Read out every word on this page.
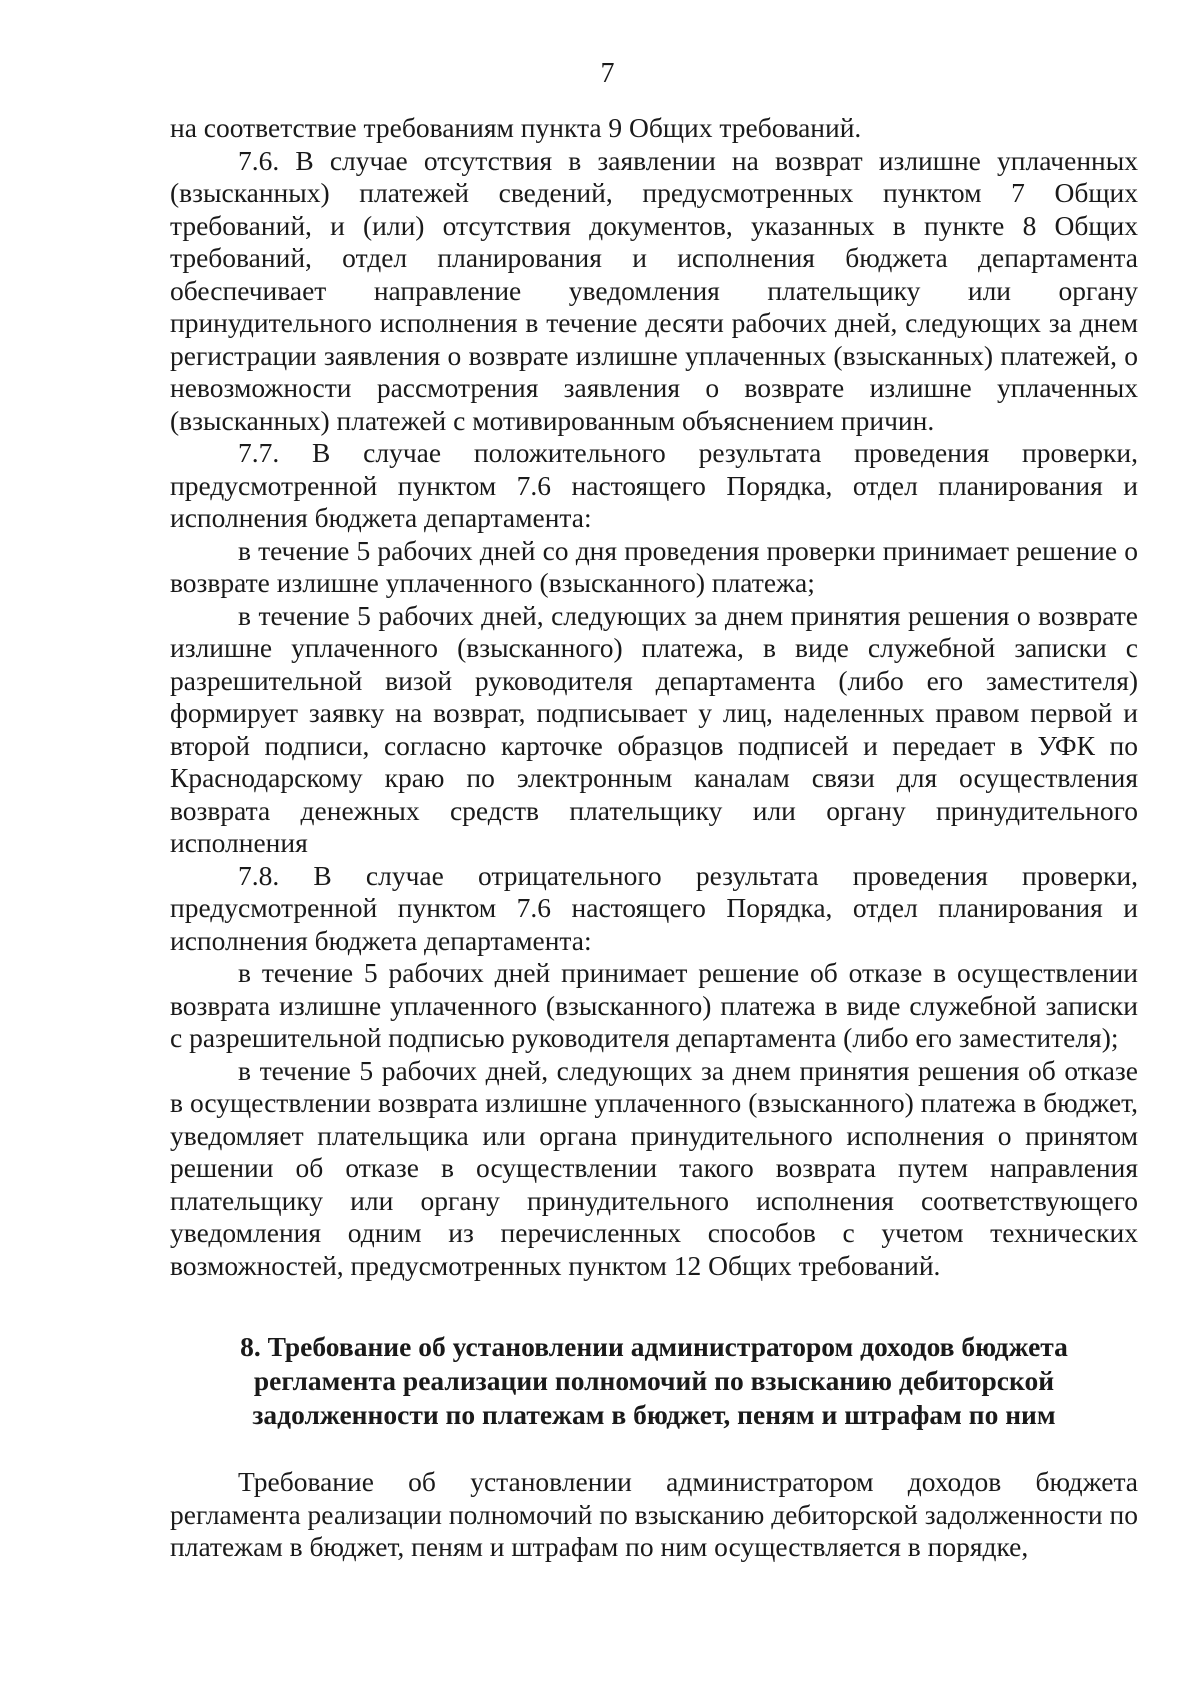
7

на соответствие требованиям пункта 9 Общих требований.

7.6. В случае отсутствия в заявлении на возврат излишне уплаченных (взысканных) платежей сведений, предусмотренных пунктом 7 Общих требований, и (или) отсутствия документов, указанных в пункте 8 Общих требований, отдел планирования и исполнения бюджета департамента обеспечивает направление уведомления плательщику или органу принудительного исполнения в течение десяти рабочих дней, следующих за днем регистрации заявления о возврате излишне уплаченных (взысканных) платежей, о невозможности рассмотрения заявления о возврате излишне уплаченных (взысканных) платежей с мотивированным объяснением причин.

7.7. В случае положительного результата проведения проверки, предусмотренной пунктом 7.6 настоящего Порядка, отдел планирования и исполнения бюджета департамента:

в течение 5 рабочих дней со дня проведения проверки принимает решение о возврате излишне уплаченного (взысканного) платежа;

в течение 5 рабочих дней, следующих за днем принятия решения о возврате излишне уплаченного (взысканного) платежа, в виде служебной записки с разрешительной визой руководителя департамента (либо его заместителя) формирует заявку на возврат, подписывает у лиц, наделенных правом первой и второй подписи, согласно карточке образцов подписей и передает в УФК по Краснодарскому краю по электронным каналам связи для осуществления возврата денежных средств плательщику или органу принудительного исполнения

7.8. В случае отрицательного результата проведения проверки, предусмотренной пунктом 7.6 настоящего Порядка, отдел планирования и исполнения бюджета департамента:

в течение 5 рабочих дней принимает решение об отказе в осуществлении возврата излишне уплаченного (взысканного) платежа в виде служебной записки с разрешительной подписью руководителя департамента (либо его заместителя);

в течение 5 рабочих дней, следующих за днем принятия решения об отказе в осуществлении возврата излишне уплаченного (взысканного) платежа в бюджет, уведомляет плательщика или органа принудительного исполнения о принятом решении об отказе в осуществлении такого возврата путем направления плательщику или органу принудительного исполнения соответствующего уведомления одним из перечисленных способов с учетом технических возможностей, предусмотренных пунктом 12 Общих требований.

8. Требование об установлении администратором доходов бюджета регламента реализации полномочий по взысканию дебиторской задолженности по платежам в бюджет, пеням и штрафам по ним

Требование об установлении администратором доходов бюджета регламента реализации полномочий по взысканию дебиторской задолженности по платежам в бюджет, пеням и штрафам по ним осуществляется в порядке,
